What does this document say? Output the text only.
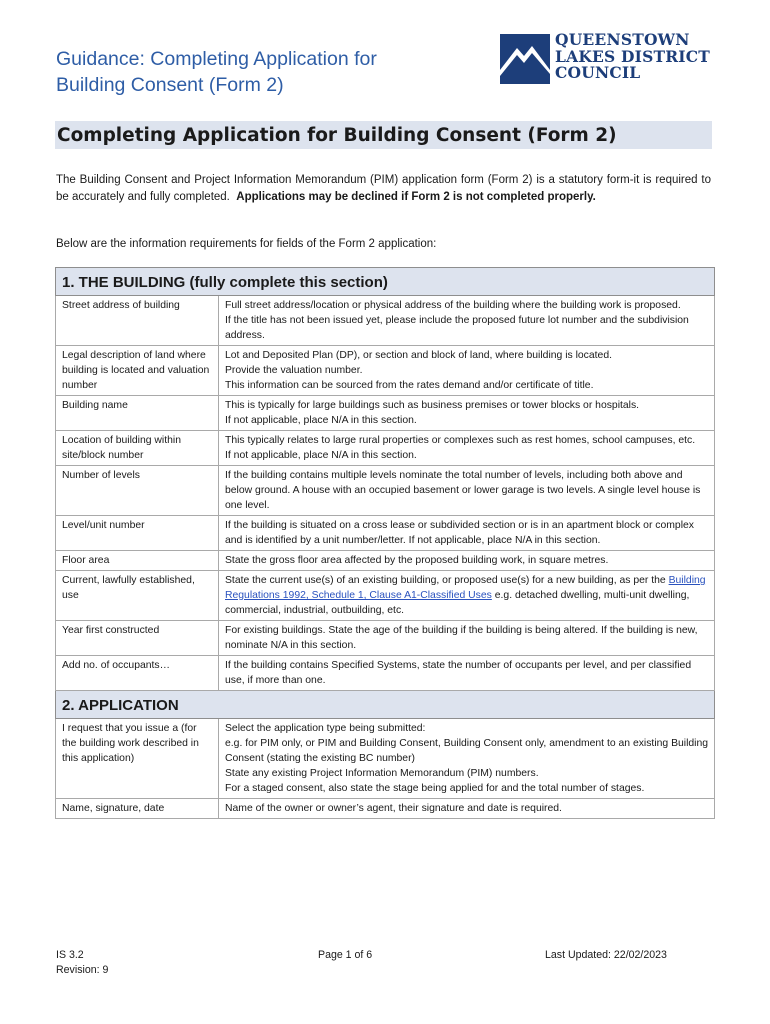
Guidance: Completing Application for
Building Consent (Form 2)
QUEENSTOWN
LAKES DISTRICT
COUNCIL
Completing Application for Building Consent (Form 2)

The Building Consent and Project Information Memorandum (PIM) application form (Form 2) is a statutory form-it is required to be accurately and fully completed. Applications may be declined if Form 2 is not completed properly.

Below are the information requirements for fields of the Form 2 application:
1. THE BUILDING (fully complete this section)	
Street address of building	Full street address/location or physical address of the building where the building work is proposed.

If the title has not been issued yet, please include the proposed future lot number and the subdivision address.

Legal description of land where building is located and valuation number	Lot and Deposited Plan (DP), or section and block of land, where building is located.

Provide the valuation number.

This information can be sourced from the rates demand and/or certificate of title.

Building name	This is typically for large buildings such as business premises or tower blocks or hospitals.

If not applicable, place N/A in this section.

Location of building within site/block number	This typically relates to large rural properties or complexes such as rest homes, school campuses, etc.

If not applicable, place N/A in this section.

Number of levels	If the building contains multiple levels nominate the total number of levels, including both above and below ground. A house with an occupied basement or lower garage is two levels. A single level house is one level.

Level/unit number	If the building is situated on a cross lease or subdivided section or is in an apartment block or complex and is identified by a unit number/letter. If not applicable, place N/A in this section.

Floor area	State the gross floor area affected by the proposed building work, in square metres.

Current, lawfully established, use	State the current use(s) of an existing building, or proposed use(s) for a new building, as per the Building Regulations 1992, Schedule 1, Clause A1-Classified Uses e.g. detached dwelling, multi-unit dwelling, commercial, industrial, outbuilding, etc.

Year first constructed	For existing buildings. State the age of the building if the building is being altered. If the building is new, nominate N/A in this section.

Add no. of occupants…	If the building contains Specified Systems, state the number of occupants per level, and per classified use, if more than one.

2. APPLICATION	
I request that you issue a (for the building work described in this application)	Select the application type being submitted:

e.g. for PIM only, or PIM and Building Consent, Building Consent only, amendment to an existing Building Consent (stating the existing BC number)

State any existing Project Information Memorandum (PIM) numbers.

For a staged consent, also state the stage being applied for and the total number of stages.

Name, signature, date	Name of the owner or owner’s agent, their signature and date is required.

IS 3.2
Revision: 9
Page 1 of 6	Last Updated: 22/02/2023
